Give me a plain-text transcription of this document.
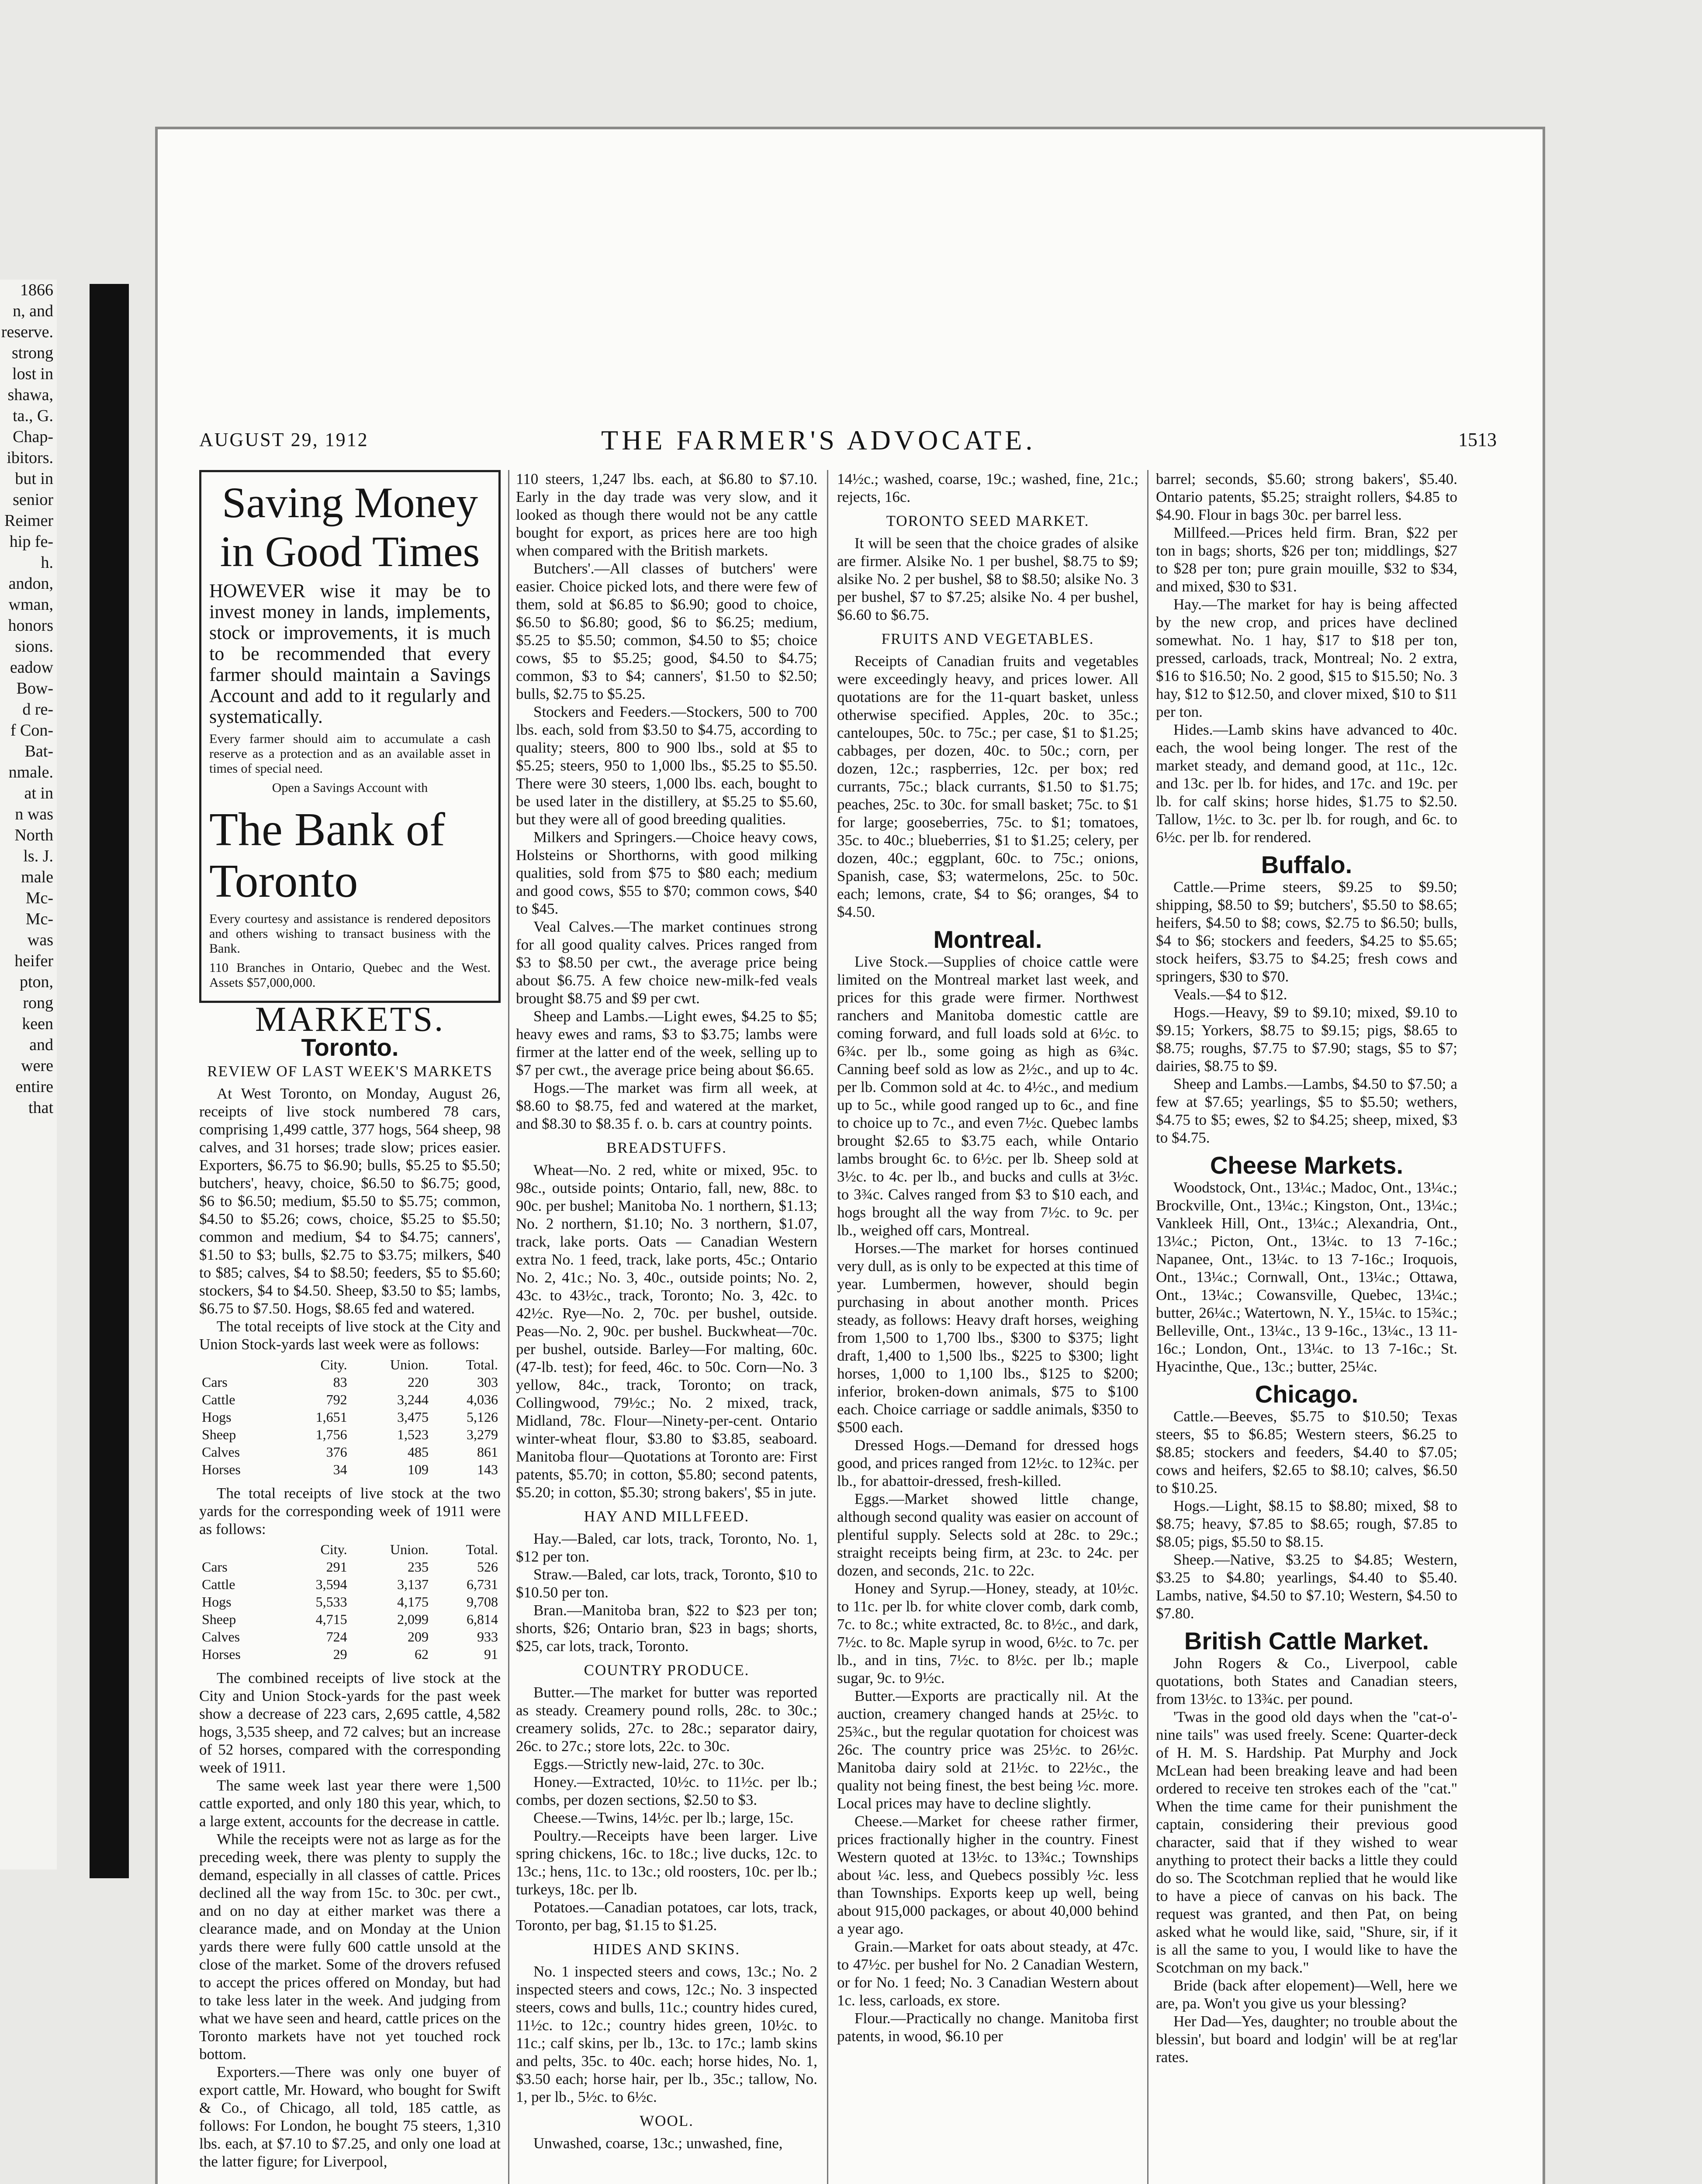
1866
n, and
reserve.
strong
lost in
shawa,
ta., G.
Chap-
ibitors.
but in
senior
Reimer
hip fe-
h.
andon,
wman,
honors
sions.
eadow
Bow-
d re-
f Con-
Bat-
nmale.
at in
n was
North
ls. J.
male
Mc-
Mc-
was
heifer
pton,
rong
keen
and
were
entire
that
AUGUST 29, 1912	THE FARMER'S ADVOCATE.	1513
Saving Money in Good Times

HOWEVER wise it may be to invest money in lands, implements, stock or improvements, it is much to be recommended that every farmer should maintain a Savings Account and add to it regularly and systematically.

Every farmer should aim to accumulate a cash reserve as a protection and as an available asset in times of special need.

Open a Savings Account with

The Bank of Toronto

Every courtesy and assistance is rendered depositors and others wishing to transact business with the Bank.

110 Branches in Ontario, Quebec and the West. Assets $57,000,000.

MARKETS.
Toronto.
REVIEW OF LAST WEEK'S MARKETS

At West Toronto, on Monday, August 26, receipts of live stock numbered 78 cars, comprising 1,499 cattle, 377 hogs, 564 sheep, 98 calves, and 31 horses; trade slow; prices easier. Exporters, $6.75 to $6.90; bulls, $5.25 to $5.50; butchers', heavy, choice, $6.50 to $6.75; good, $6 to $6.50; medium, $5.50 to $5.75; common, $4.50 to $5.26; cows, choice, $5.25 to $5.50; common and medium, $4 to $4.75; canners', $1.50 to $3; bulls, $2.75 to $3.75; milkers, $40 to $85; calves, $4 to $8.50; feeders, $5 to $5.60; stockers, $4 to $4.50. Sheep, $3.50 to $5; lambs, $6.75 to $7.50. Hogs, $8.65 fed and watered.

The total receipts of live stock at the City and Union Stock-yards last week were as follows:

	City.	Union.	Total.
Cars	83	220	303
Cattle	792	3,244	4,036
Hogs	1,651	3,475	5,126
Sheep	1,756	1,523	3,279
Calves	376	485	861
Horses	34	109	143

The total receipts of live stock at the two yards for the corresponding week of 1911 were as follows:

	City.	Union.	Total.
Cars	291	235	526
Cattle	3,594	3,137	6,731
Hogs	5,533	4,175	9,708
Sheep	4,715	2,099	6,814
Calves	724	209	933
Horses	29	62	91

The combined receipts of live stock at the City and Union Stock-yards for the past week show a decrease of 223 cars, 2,695 cattle, 4,582 hogs, 3,535 sheep, and 72 calves; but an increase of 52 horses, compared with the corresponding week of 1911.

The same week last year there were 1,500 cattle exported, and only 180 this year, which, to a large extent, accounts for the decrease in cattle.

While the receipts were not as large as for the preceding week, there was plenty to supply the demand, especially in all classes of cattle. Prices declined all the way from 15c. to 30c. per cwt., and on no day at either market was there a clearance made, and on Monday at the Union yards there were fully 600 cattle unsold at the close of the market. Some of the drovers refused to accept the prices offered on Monday, but had to take less later in the week. And judging from what we have seen and heard, cattle prices on the Toronto markets have not yet touched rock bottom.

Exporters.—There was only one buyer of export cattle, Mr. Howard, who bought for Swift & Co., of Chicago, all told, 185 cattle, as follows: For London, he bought 75 steers, 1,310 lbs. each, at $7.10 to $7.25, and only one load at the latter figure; for Liverpool,

110 steers, 1,247 lbs. each, at $6.80 to $7.10. Early in the day trade was very slow, and it looked as though there would not be any cattle bought for export, as prices here are too high when compared with the British markets.

Butchers'.—All classes of butchers' were easier. Choice picked lots, and there were few of them, sold at $6.85 to $6.90; good to choice, $6.50 to $6.80; good, $6 to $6.25; medium, $5.25 to $5.50; common, $4.50 to $5; choice cows, $5 to $5.25; good, $4.50 to $4.75; common, $3 to $4; canners', $1.50 to $2.50; bulls, $2.75 to $5.25.

Stockers and Feeders.—Stockers, 500 to 700 lbs. each, sold from $3.50 to $4.75, according to quality; steers, 800 to 900 lbs., sold at $5 to $5.25; steers, 950 to 1,000 lbs., $5.25 to $5.50. There were 30 steers, 1,000 lbs. each, bought to be used later in the distillery, at $5.25 to $5.60, but they were all of good breeding qualities.

Milkers and Springers.—Choice heavy cows, Holsteins or Shorthorns, with good milking qualities, sold from $75 to $80 each; medium and good cows, $55 to $70; common cows, $40 to $45.

Veal Calves.—The market continues strong for all good quality calves. Prices ranged from $3 to $8.50 per cwt., the average price being about $6.75. A few choice new-milk-fed veals brought $8.75 and $9 per cwt.

Sheep and Lambs.—Light ewes, $4.25 to $5; heavy ewes and rams, $3 to $3.75; lambs were firmer at the latter end of the week, selling up to $7 per cwt., the average price being about $6.65.

Hogs.—The market was firm all week, at $8.60 to $8.75, fed and watered at the market, and $8.30 to $8.35 f. o. b. cars at country points.

BREADSTUFFS.

Wheat—No. 2 red, white or mixed, 95c. to 98c., outside points; Ontario, fall, new, 88c. to 90c. per bushel; Manitoba No. 1 northern, $1.13; No. 2 northern, $1.10; No. 3 northern, $1.07, track, lake ports. Oats — Canadian Western extra No. 1 feed, track, lake ports, 45c.; Ontario No. 2, 41c.; No. 3, 40c., outside points; No. 2, 43c. to 43½c., track, Toronto; No. 3, 42c. to 42½c. Rye—No. 2, 70c. per bushel, outside. Peas—No. 2, 90c. per bushel. Buckwheat—70c. per bushel, outside. Barley—For malting, 60c. (47-lb. test); for feed, 46c. to 50c. Corn—No. 3 yellow, 84c., track, Toronto; on track, Collingwood, 79½c.; No. 2 mixed, track, Midland, 78c. Flour—Ninety-per-cent. Ontario winter-wheat flour, $3.80 to $3.85, seaboard. Manitoba flour—Quotations at Toronto are: First patents, $5.70; in cotton, $5.80; second patents, $5.20; in cotton, $5.30; strong bakers', $5 in jute.

HAY AND MILLFEED.

Hay.—Baled, car lots, track, Toronto, No. 1, $12 per ton.

Straw.—Baled, car lots, track, Toronto, $10 to $10.50 per ton.

Bran.—Manitoba bran, $22 to $23 per ton; shorts, $26; Ontario bran, $23 in bags; shorts, $25, car lots, track, Toronto.

COUNTRY PRODUCE.

Butter.—The market for butter was reported as steady. Creamery pound rolls, 28c. to 30c.; creamery solids, 27c. to 28c.; separator dairy, 26c. to 27c.; store lots, 22c. to 30c.

Eggs.—Strictly new-laid, 27c. to 30c.

Honey.—Extracted, 10½c. to 11½c. per lb.; combs, per dozen sections, $2.50 to $3.

Cheese.—Twins, 14½c. per lb.; large, 15c.

Poultry.—Receipts have been larger. Live spring chickens, 16c. to 18c.; live ducks, 12c. to 13c.; hens, 11c. to 13c.; old roosters, 10c. per lb.; turkeys, 18c. per lb.

Potatoes.—Canadian potatoes, car lots, track, Toronto, per bag, $1.15 to $1.25.

HIDES AND SKINS.

No. 1 inspected steers and cows, 13c.; No. 2 inspected steers and cows, 12c.; No. 3 inspected steers, cows and bulls, 11c.; country hides cured, 11½c. to 12c.; country hides green, 10½c. to 11c.; calf skins, per lb., 13c. to 17c.; lamb skins and pelts, 35c. to 40c. each; horse hides, No. 1, $3.50 each; horse hair, per lb., 35c.; tallow, No. 1, per lb., 5½c. to 6½c.

WOOL.

Unwashed, coarse, 13c.; unwashed, fine,

14½c.; washed, coarse, 19c.; washed, fine, 21c.; rejects, 16c.

TORONTO SEED MARKET.

It will be seen that the choice grades of alsike are firmer. Alsike No. 1 per bushel, $8.75 to $9; alsike No. 2 per bushel, $8 to $8.50; alsike No. 3 per bushel, $7 to $7.25; alsike No. 4 per bushel, $6.60 to $6.75.

FRUITS AND VEGETABLES.

Receipts of Canadian fruits and vegetables were exceedingly heavy, and prices lower. All quotations are for the 11-quart basket, unless otherwise specified. Apples, 20c. to 35c.; canteloupes, 50c. to 75c.; per case, $1 to $1.25; cabbages, per dozen, 40c. to 50c.; corn, per dozen, 12c.; raspberries, 12c. per box; red currants, 75c.; black currants, $1.50 to $1.75; peaches, 25c. to 30c. for small basket; 75c. to $1 for large; gooseberries, 75c. to $1; tomatoes, 35c. to 40c.; blueberries, $1 to $1.25; celery, per dozen, 40c.; eggplant, 60c. to 75c.; onions, Spanish, case, $3; watermelons, 25c. to 50c. each; lemons, crate, $4 to $6; oranges, $4 to $4.50.

Montreal.

Live Stock.—Supplies of choice cattle were limited on the Montreal market last week, and prices for this grade were firmer. Northwest ranchers and Manitoba domestic cattle are coming forward, and full loads sold at 6½c. to 6¾c. per lb., some going as high as 6¾c. Canning beef sold as low as 2½c., and up to 4c. per lb. Common sold at 4c. to 4½c., and medium up to 5c., while good ranged up to 6c., and fine to choice up to 7c., and even 7½c. Quebec lambs brought $2.65 to $3.75 each, while Ontario lambs brought 6c. to 6½c. per lb. Sheep sold at 3½c. to 4c. per lb., and bucks and culls at 3½c. to 3¾c. Calves ranged from $3 to $10 each, and hogs brought all the way from 7½c. to 9c. per lb., weighed off cars, Montreal.

Horses.—The market for horses continued very dull, as is only to be expected at this time of year. Lumbermen, however, should begin purchasing in about another month. Prices steady, as follows: Heavy draft horses, weighing from 1,500 to 1,700 lbs., $300 to $375; light draft, 1,400 to 1,500 lbs., $225 to $300; light horses, 1,000 to 1,100 lbs., $125 to $200; inferior, broken-down animals, $75 to $100 each. Choice carriage or saddle animals, $350 to $500 each.

Dressed Hogs.—Demand for dressed hogs good, and prices ranged from 12½c. to 12¾c. per lb., for abattoir-dressed, fresh-killed.

Eggs.—Market showed little change, although second quality was easier on account of plentiful supply. Selects sold at 28c. to 29c.; straight receipts being firm, at 23c. to 24c. per dozen, and seconds, 21c. to 22c.

Honey and Syrup.—Honey, steady, at 10½c. to 11c. per lb. for white clover comb, dark comb, 7c. to 8c.; white extracted, 8c. to 8½c., and dark, 7½c. to 8c. Maple syrup in wood, 6½c. to 7c. per lb., and in tins, 7½c. to 8½c. per lb.; maple sugar, 9c. to 9½c.

Butter.—Exports are practically nil. At the auction, creamery changed hands at 25½c. to 25¾c., but the regular quotation for choicest was 26c. The country price was 25½c. to 26½c. Manitoba dairy sold at 21½c. to 22½c., the quality not being finest, the best being ½c. more. Local prices may have to decline slightly.

Cheese.—Market for cheese rather firmer, prices fractionally higher in the country. Finest Western quoted at 13½c. to 13¾c.; Townships about ¼c. less, and Quebecs possibly ½c. less than Townships. Exports keep up well, being about 915,000 packages, or about 40,000 behind a year ago.

Grain.—Market for oats about steady, at 47c. to 47½c. per bushel for No. 2 Canadian Western, or for No. 1 feed; No. 3 Canadian Western about 1c. less, carloads, ex store.

Flour.—Practically no change. Manitoba first patents, in wood, $6.10 per

barrel; seconds, $5.60; strong bakers', $5.40. Ontario patents, $5.25; straight rollers, $4.85 to $4.90. Flour in bags 30c. per barrel less.

Millfeed.—Prices held firm. Bran, $22 per ton in bags; shorts, $26 per ton; middlings, $27 to $28 per ton; pure grain mouille, $32 to $34, and mixed, $30 to $31.

Hay.—The market for hay is being affected by the new crop, and prices have declined somewhat. No. 1 hay, $17 to $18 per ton, pressed, carloads, track, Montreal; No. 2 extra, $16 to $16.50; No. 2 good, $15 to $15.50; No. 3 hay, $12 to $12.50, and clover mixed, $10 to $11 per ton.

Hides.—Lamb skins have advanced to 40c. each, the wool being longer. The rest of the market steady, and demand good, at 11c., 12c. and 13c. per lb. for hides, and 17c. and 19c. per lb. for calf skins; horse hides, $1.75 to $2.50. Tallow, 1½c. to 3c. per lb. for rough, and 6c. to 6½c. per lb. for rendered.

Buffalo.

Cattle.—Prime steers, $9.25 to $9.50; shipping, $8.50 to $9; butchers', $5.50 to $8.65; heifers, $4.50 to $8; cows, $2.75 to $6.50; bulls, $4 to $6; stockers and feeders, $4.25 to $5.65; stock heifers, $3.75 to $4.25; fresh cows and springers, $30 to $70.

Veals.—$4 to $12.

Hogs.—Heavy, $9 to $9.10; mixed, $9.10 to $9.15; Yorkers, $8.75 to $9.15; pigs, $8.65 to $8.75; roughs, $7.75 to $7.90; stags, $5 to $7; dairies, $8.75 to $9.

Sheep and Lambs.—Lambs, $4.50 to $7.50; a few at $7.65; yearlings, $5 to $5.50; wethers, $4.75 to $5; ewes, $2 to $4.25; sheep, mixed, $3 to $4.75.

Cheese Markets.

Woodstock, Ont., 13¼c.; Madoc, Ont., 13¼c.; Brockville, Ont., 13¼c.; Kingston, Ont., 13¼c.; Vankleek Hill, Ont., 13¼c.; Alexandria, Ont., 13¼c.; Picton, Ont., 13¼c. to 13 7-16c.; Napanee, Ont., 13¼c. to 13 7-16c.; Iroquois, Ont., 13¼c.; Cornwall, Ont., 13¼c.; Ottawa, Ont., 13¼c.; Cowansville, Quebec, 13¼c.; butter, 26¼c.; Watertown, N. Y., 15¼c. to 15¾c.; Belleville, Ont., 13¼c., 13 9-16c., 13¼c., 13 11-16c.; London, Ont., 13¼c. to 13 7-16c.; St. Hyacinthe, Que., 13c.; butter, 25¼c.

Chicago.

Cattle.—Beeves, $5.75 to $10.50; Texas steers, $5 to $6.85; Western steers, $6.25 to $8.85; stockers and feeders, $4.40 to $7.05; cows and heifers, $2.65 to $8.10; calves, $6.50 to $10.25.

Hogs.—Light, $8.15 to $8.80; mixed, $8 to $8.75; heavy, $7.85 to $8.65; rough, $7.85 to $8.05; pigs, $5.50 to $8.15.

Sheep.—Native, $3.25 to $4.85; Western, $3.25 to $4.80; yearlings, $4.40 to $5.40. Lambs, native, $4.50 to $7.10; Western, $4.50 to $7.80.

British Cattle Market.

John Rogers & Co., Liverpool, cable quotations, both States and Canadian steers, from 13½c. to 13¾c. per pound.

'Twas in the good old days when the "cat-o'-nine tails" was used freely. Scene: Quarter-deck of H. M. S. Hardship. Pat Murphy and Jock McLean had been breaking leave and had been ordered to receive ten strokes each of the "cat." When the time came for their punishment the captain, considering their previous good character, said that if they wished to wear anything to protect their backs a little they could do so. The Scotchman replied that he would like to have a piece of canvas on his back. The request was granted, and then Pat, on being asked what he would like, said, "Shure, sir, if it is all the same to you, I would like to have the Scotchman on my back."

Bride (back after elopement)—Well, here we are, pa. Won't you give us your blessing?

Her Dad—Yes, daughter; no trouble about the blessin', but board and lodgin' will be at reg'lar rates.
